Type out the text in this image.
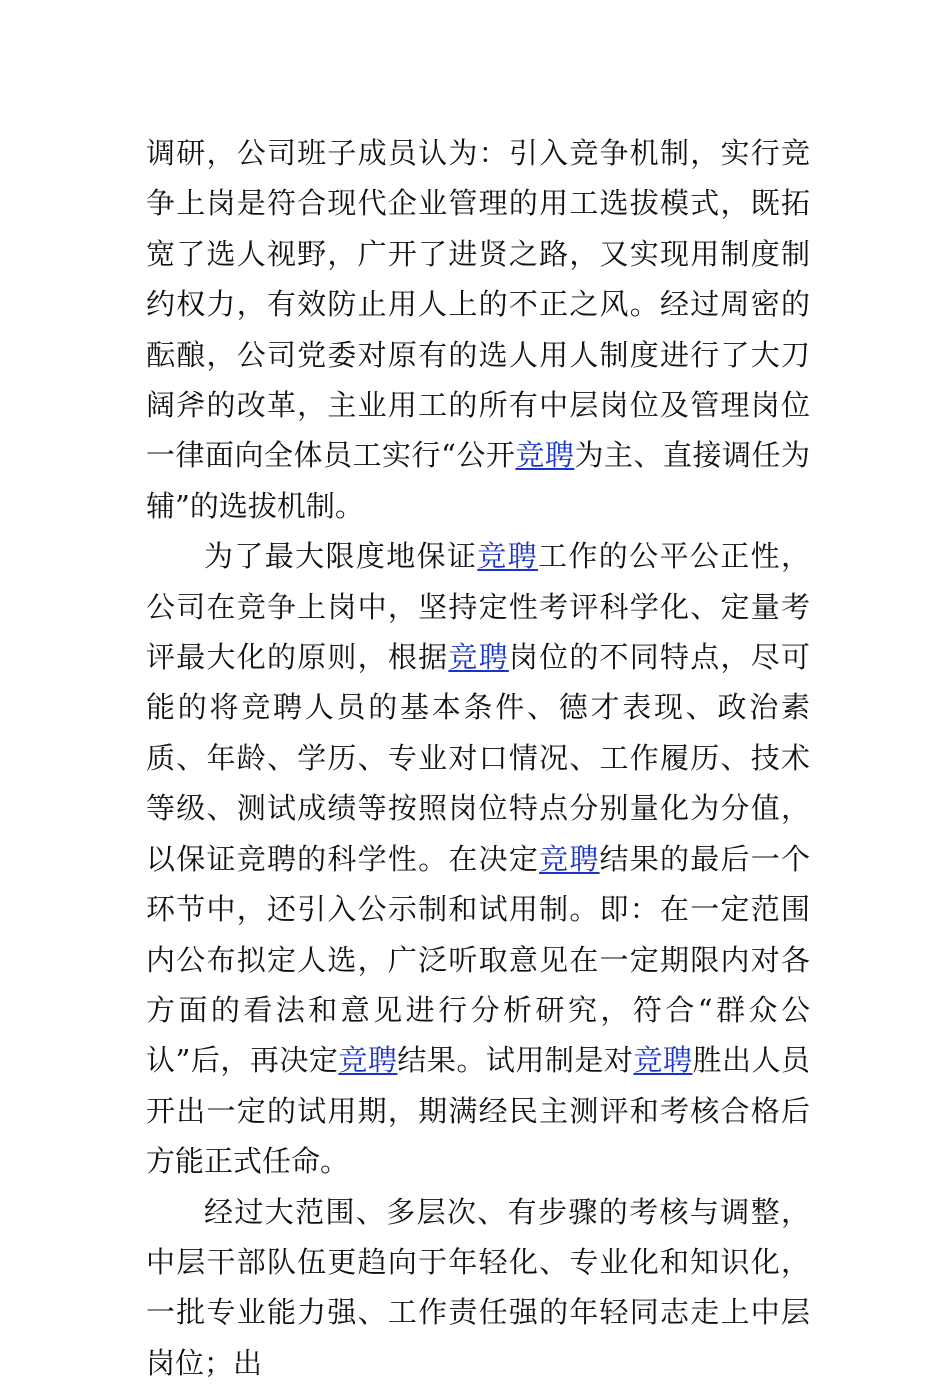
调研，公司班子成员认为：引入竞争机制，实行竞争上岗是符合现代企业管理的用工选拔模式，既拓宽了选人视野，广开了进贤之路，又实现用制度制约权力，有效防止用人上的不正之风。经过周密的酝酿，公司党委对原有的选人用人制度进行了大刀阔斧的改革，主业用工的所有中层岗位及管理岗位一律面向全体员工实行“公开竞聘为主、直接调任为辅”的选拔机制。

为了最大限度地保证竞聘工作的公平公正性，公司在竞争上岗中，坚持定性考评科学化、定量考评最大化的原则，根据竞聘岗位的不同特点，尽可能的将竞聘人员的基本条件、德才表现、政治素质、年龄、学历、专业对口情况、工作履历、技术等级、测试成绩等按照岗位特点分别量化为分值，以保证竞聘的科学性。在决定竞聘结果的最后一个环节中，还引入公示制和试用制。即：在一定范围内公布拟定人选，广泛听取意见在一定期限内对各方面的看法和意见进行分析研究，符合“群众公认”后，再决定竞聘结果。试用制是对竞聘胜出人员开出一定的试用期，期满经民主测评和考核合格后方能正式任命。

经过大范围、多层次、有步骤的考核与调整，中层干部队伍更趋向于年轻化、专业化和知识化，一批专业能力强、工作责任强的年轻同志走上中层岗位；出
